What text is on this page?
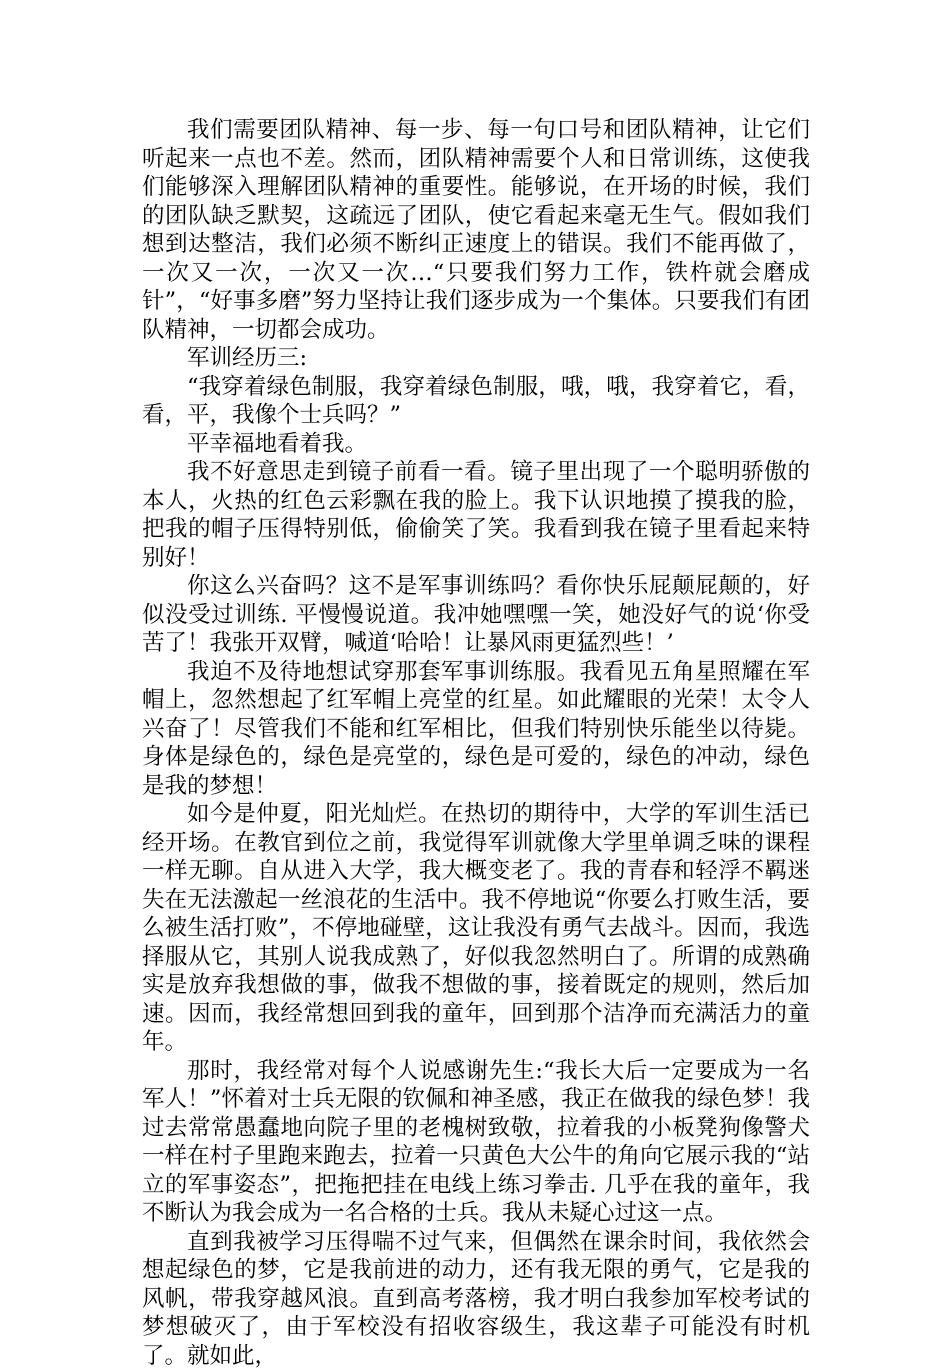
我们需要团队精神、每一步、每一句口号和团队精神，让它们听起来一点也不差。然而，团队精神需要个人和日常训练，这使我们能够深入理解团队精神的重要性。能够说，在开场的时候，我们的团队缺乏默契，这疏远了团队，使它看起来毫无生气。假如我们想到达整洁，我们必须不断纠正速度上的错误。我们不能再做了，一次又一次，一次又一次…“只要我们努力工作，铁杵就会磨成针”，“好事多磨”努力坚持让我们逐步成为一个集体。只要我们有团队精神，一切都会成功。

军训经历三:

“我穿着绿色制服，我穿着绿色制服，哦，哦，我穿着它，看，看，平，我像个士兵吗？”

平幸福地看着我。

我不好意思走到镜子前看一看。镜子里出现了一个聪明骄傲的本人，火热的红色云彩飘在我的脸上。我下认识地摸了摸我的脸，把我的帽子压得特别低，偷偷笑了笑。我看到我在镜子里看起来特别好！

你这么兴奋吗？这不是军事训练吗？看你快乐屁颠屁颠的，好似没受过训练. 平慢慢说道。我冲她嘿嘿一笑，她没好气的说‘你受苦了！我张开双臂，喊道‘哈哈！让暴风雨更猛烈些！’

我迫不及待地想试穿那套军事训练服。我看见五角星照耀在军帽上，忽然想起了红军帽上亮堂的红星。如此耀眼的光荣！太令人兴奋了！尽管我们不能和红军相比，但我们特别快乐能坐以待毙。身体是绿色的，绿色是亮堂的，绿色是可爱的，绿色的冲动，绿色是我的梦想！

如今是仲夏，阳光灿烂。在热切的期待中，大学的军训生活已经开场。在教官到位之前，我觉得军训就像大学里单调乏味的课程一样无聊。自从进入大学，我大概变老了。我的青春和轻浮不羁迷失在无法激起一丝浪花的生活中。我不停地说“你要么打败生活，要么被生活打败”，不停地碰壁，这让我没有勇气去战斗。因而，我选择服从它，其别人说我成熟了，好似我忽然明白了。所谓的成熟确实是放弃我想做的事，做我不想做的事，接着既定的规则，然后加速。因而，我经常想回到我的童年，回到那个洁净而充满活力的童年。

那时，我经常对每个人说感谢先生:“我长大后一定要成为一名军人！”怀着对士兵无限的钦佩和神圣感，我正在做我的绿色梦！我过去常常愚蠢地向院子里的老槐树致敬，拉着我的小板凳狗像警犬一样在村子里跑来跑去，拉着一只黄色大公牛的角向它展示我的“站立的军事姿态”，把拖把挂在电线上练习拳击. 几乎在我的童年，我不断认为我会成为一名合格的士兵。我从未疑心过这一点。

直到我被学习压得喘不过气来，但偶然在课余时间，我依然会想起绿色的梦，它是我前进的动力，还有我无限的勇气，它是我的风帆，带我穿越风浪。直到高考落榜，我才明白我参加军校考试的梦想破灭了，由于军校没有招收容级生，我这辈子可能没有时机了。就如此，
